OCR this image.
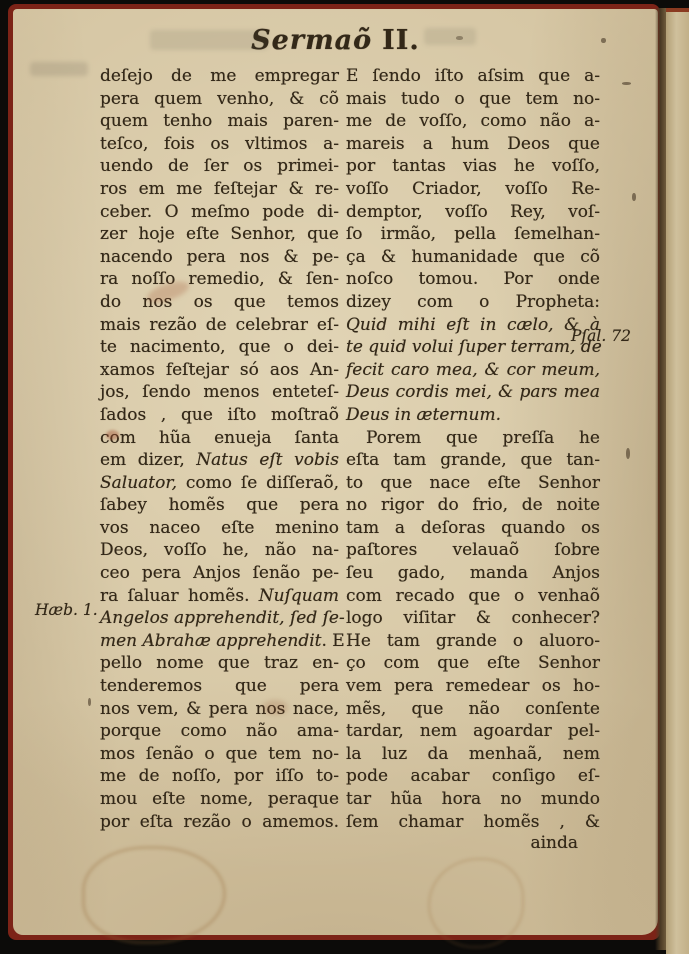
Sermaõ II.
Hæb. 1.
Pſal. 72
deſejo de me empregar
pera quem venho, & cõ
quem tenho mais paren-
teſco, fois os vltimos a-
uendo de ſer os primei-
ros em me feſtejar & re-
ceber. O meſmo pode di-
zer hoje eſte Senhor, que
nacendo pera nos & pe-
ra noſſo remedio, & ſen-
do nos os que temos
mais rezão de celebrar eſ-
te nacimento, que o dei-
xamos feſtejar só aos An-
jos, ſendo menos enteteſ-
ſados , que iſto moſtraõ
com hũa enueja ſanta
em dizer, Natus eſt vobis
Saluator, como ſe diſſeraõ,
ſabey homẽs que pera
vos naceo eſte menino
Deos, voſſo he, não na-
ceo pera Anjos ſenão pe-
ra ſaluar homẽs. Nuſquam
Angelos apprehendit, ſed ſe-
men Abrahæ apprehendit. E
pello nome que traz en-
tenderemos que pera
nos vem, & pera nos nace,
porque como não ama-
mos ſenão o que tem no-
me de noſſo, por iſſo to-
mou eſte nome, peraque
por eſta rezão o amemos.
E ſendo iſto aſsim que a-
mais tudo o que tem no-
me de voſſo, como não a-
mareis a hum Deos que
por tantas vias he voſſo,
voſſo Criador, voſſo Re-
demptor, voſſo Rey, voſ-
ſo irmão, pella ſemelhan-
ça & humanidade que cõ
noſco tomou. Por onde
dizey com o Propheta:
Quid mihi eſt in cælo, & à
te quid volui ſuper terram, de
fecit caro mea, & cor meum,
Deus cordis mei, & pars mea
Deus in æternum.
Porem que preſſa he
eſta tam grande, que tan-
to que nace eſte Senhor
no rigor do frio, de noite
tam a deſoras quando os
paſtores velauaõ ſobre
ſeu gado, manda Anjos
com recado que o venhaõ
logo viſitar & conhecer?
He tam grande o aluoro-
ço com que eſte Senhor
vem pera remedear os ho-
mẽs, que não conſente
tardar, nem agoardar pel-
la luz da menhaã, nem
pode acabar conſigo eſ-
tar hũa hora no mundo
ſem chamar homẽs , &
ainda
